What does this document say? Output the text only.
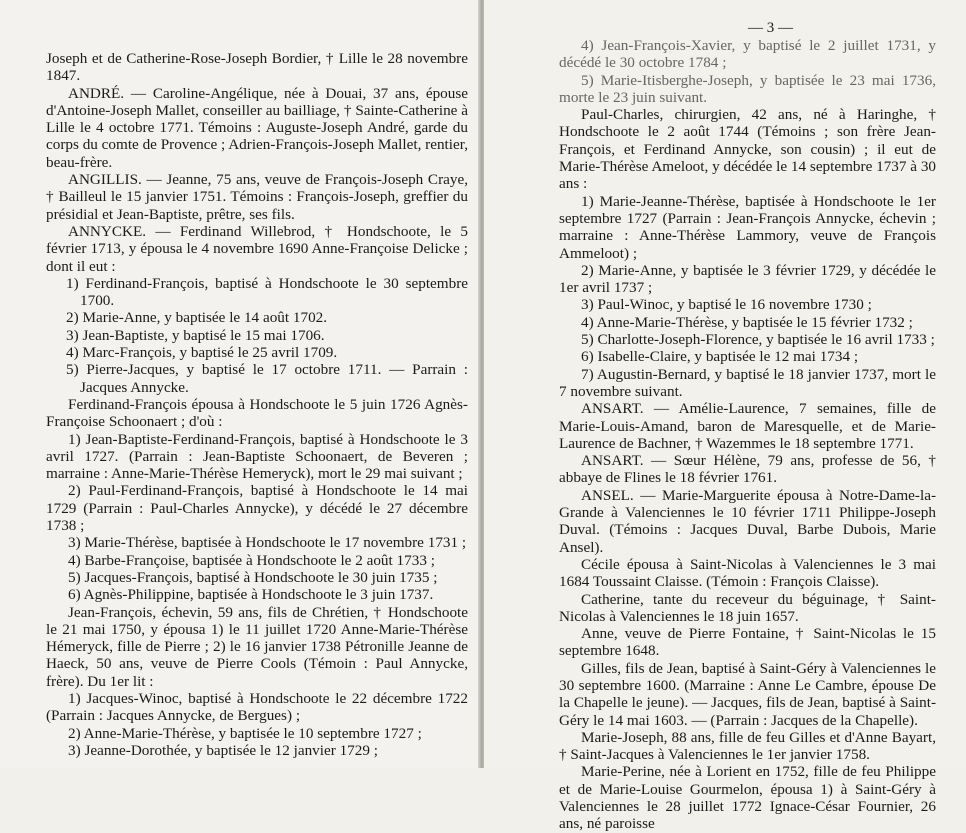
Joseph et de Catherine-Rose-Joseph Bordier, † Lille le 28 novembre 1847.

ANDRÉ. — Caroline-Angélique, née à Douai, 37 ans, épouse d'Antoine-Joseph Mallet, conseiller au bailliage, † Sainte-Catherine à Lille le 4 octobre 1771. Témoins : Auguste-Joseph André, garde du corps du comte de Provence ; Adrien-François-Joseph Mallet, rentier, beau-frère.

ANGILLIS. — Jeanne, 75 ans, veuve de François-Joseph Craye, † Bailleul le 15 janvier 1751. Témoins : François-Joseph, greffier du présidial et Jean-Baptiste, prêtre, ses fils.

ANNYCKE. — Ferdinand Willebrod, † Hondschoote, le 5 février 1713, y épousa le 4 novembre 1690 Anne-Françoise Delicke ; dont il eut :

1) Ferdinand-François, baptisé à Hondschoote le 30 septembre 1700.

2) Marie-Anne, y baptisée le 14 août 1702.

3) Jean-Baptiste, y baptisé le 15 mai 1706.

4) Marc-François, y baptisé le 25 avril 1709.

5) Pierre-Jacques, y baptisé le 17 octobre 1711. — Parrain : Jacques Annycke.

Ferdinand-François épousa à Hondschoote le 5 juin 1726 Agnès-Françoise Schoonaert ; d'où :

1) Jean-Baptiste-Ferdinand-François, baptisé à Hondschoote le 3 avril 1727. (Parrain : Jean-Baptiste Schoonaert, de Beveren ; marraine : Anne-Marie-Thérèse Hemeryck), mort le 29 mai suivant ;

2) Paul-Ferdinand-François, baptisé à Hondschoote le 14 mai 1729 (Parrain : Paul-Charles Annycke), y décédé le 27 décembre 1738 ;

3) Marie-Thérèse, baptisée à Hondschoote le 17 novembre 1731 ;

4) Barbe-Françoise, baptisée à Hondschoote le 2 août 1733 ;

5) Jacques-François, baptisé à Hondschoote le 30 juin 1735 ;

6) Agnès-Philippine, baptisée à Hondschoote le 3 juin 1737.

Jean-François, échevin, 59 ans, fils de Chrétien, † Hondschoote le 21 mai 1750, y épousa 1) le 11 juillet 1720 Anne-Marie-Thérèse Hémeryck, fille de Pierre ; 2) le 16 janvier 1738 Pétronille Jeanne de Haeck, 50 ans, veuve de Pierre Cools (Témoin : Paul Annycke, frère). Du 1er lit :

1) Jacques-Winoc, baptisé à Hondschoote le 22 décembre 1722 (Parrain : Jacques Annycke, de Bergues) ;

2) Anne-Marie-Thérèse, y baptisée le 10 septembre 1727 ;

3) Jeanne-Dorothée, y baptisée le 12 janvier 1729 ;

— 3 —

4) Jean-François-Xavier, y baptisé le 2 juillet 1731, y décédé le 30 octobre 1784 ;

5) Marie-Itisberghe-Joseph, y baptisée le 23 mai 1736, morte le 23 juin suivant.

Paul-Charles, chirurgien, 42 ans, né à Haringhe, † Hondschoote le 2 août 1744 (Témoins ; son frère Jean-François, et Ferdinand Annycke, son cousin) ; il eut de Marie-Thérèse Ameloot, y décédée le 14 septembre 1737 à 30 ans :

1) Marie-Jeanne-Thérèse, baptisée à Hondschoote le 1er septembre 1727 (Parrain : Jean-François Annycke, échevin ; marraine : Anne-Thérèse Lammory, veuve de François Ammeloot) ;

2) Marie-Anne, y baptisée le 3 février 1729, y décédée le 1er avril 1737 ;

3) Paul-Winoc, y baptisé le 16 novembre 1730 ;

4) Anne-Marie-Thérèse, y baptisée le 15 février 1732 ;

5) Charlotte-Joseph-Florence, y baptisée le 16 avril 1733 ;

6) Isabelle-Claire, y baptisée le 12 mai 1734 ;

7) Augustin-Bernard, y baptisé le 18 janvier 1737, mort le 7 novembre suivant.

ANSART. — Amélie-Laurence, 7 semaines, fille de Marie-Louis-Amand, baron de Maresquelle, et de Marie-Laurence de Bachner, † Wazemmes le 18 septembre 1771.

ANSART. — Sœur Hélène, 79 ans, professe de 56, † abbaye de Flines le 18 février 1761.

ANSEL. — Marie-Marguerite épousa à Notre-Dame-la-Grande à Valenciennes le 10 février 1711 Philippe-Joseph Duval. (Témoins : Jacques Duval, Barbe Dubois, Marie Ansel).

Cécile épousa à Saint-Nicolas à Valenciennes le 3 mai 1684 Toussaint Claisse. (Témoin : François Claisse).

Catherine, tante du receveur du béguinage, † Saint-Nicolas à Valenciennes le 18 juin 1657.

Anne, veuve de Pierre Fontaine, † Saint-Nicolas le 15 septembre 1648.

Gilles, fils de Jean, baptisé à Saint-Géry à Valenciennes le 30 septembre 1600. (Marraine : Anne Le Cambre, épouse De la Chapelle le jeune). — Jacques, fils de Jean, baptisé à Saint-Géry le 14 mai 1603. — (Parrain : Jacques de la Chapelle).

Marie-Joseph, 88 ans, fille de feu Gilles et d'Anne Bayart, † Saint-Jacques à Valenciennes le 1er janvier 1758.

Marie-Perine, née à Lorient en 1752, fille de feu Philippe et de Marie-Louise Gourmelon, épousa 1) à Saint-Géry à Valenciennes le 28 juillet 1772 Ignace-César Fournier, 26 ans, né paroisse
